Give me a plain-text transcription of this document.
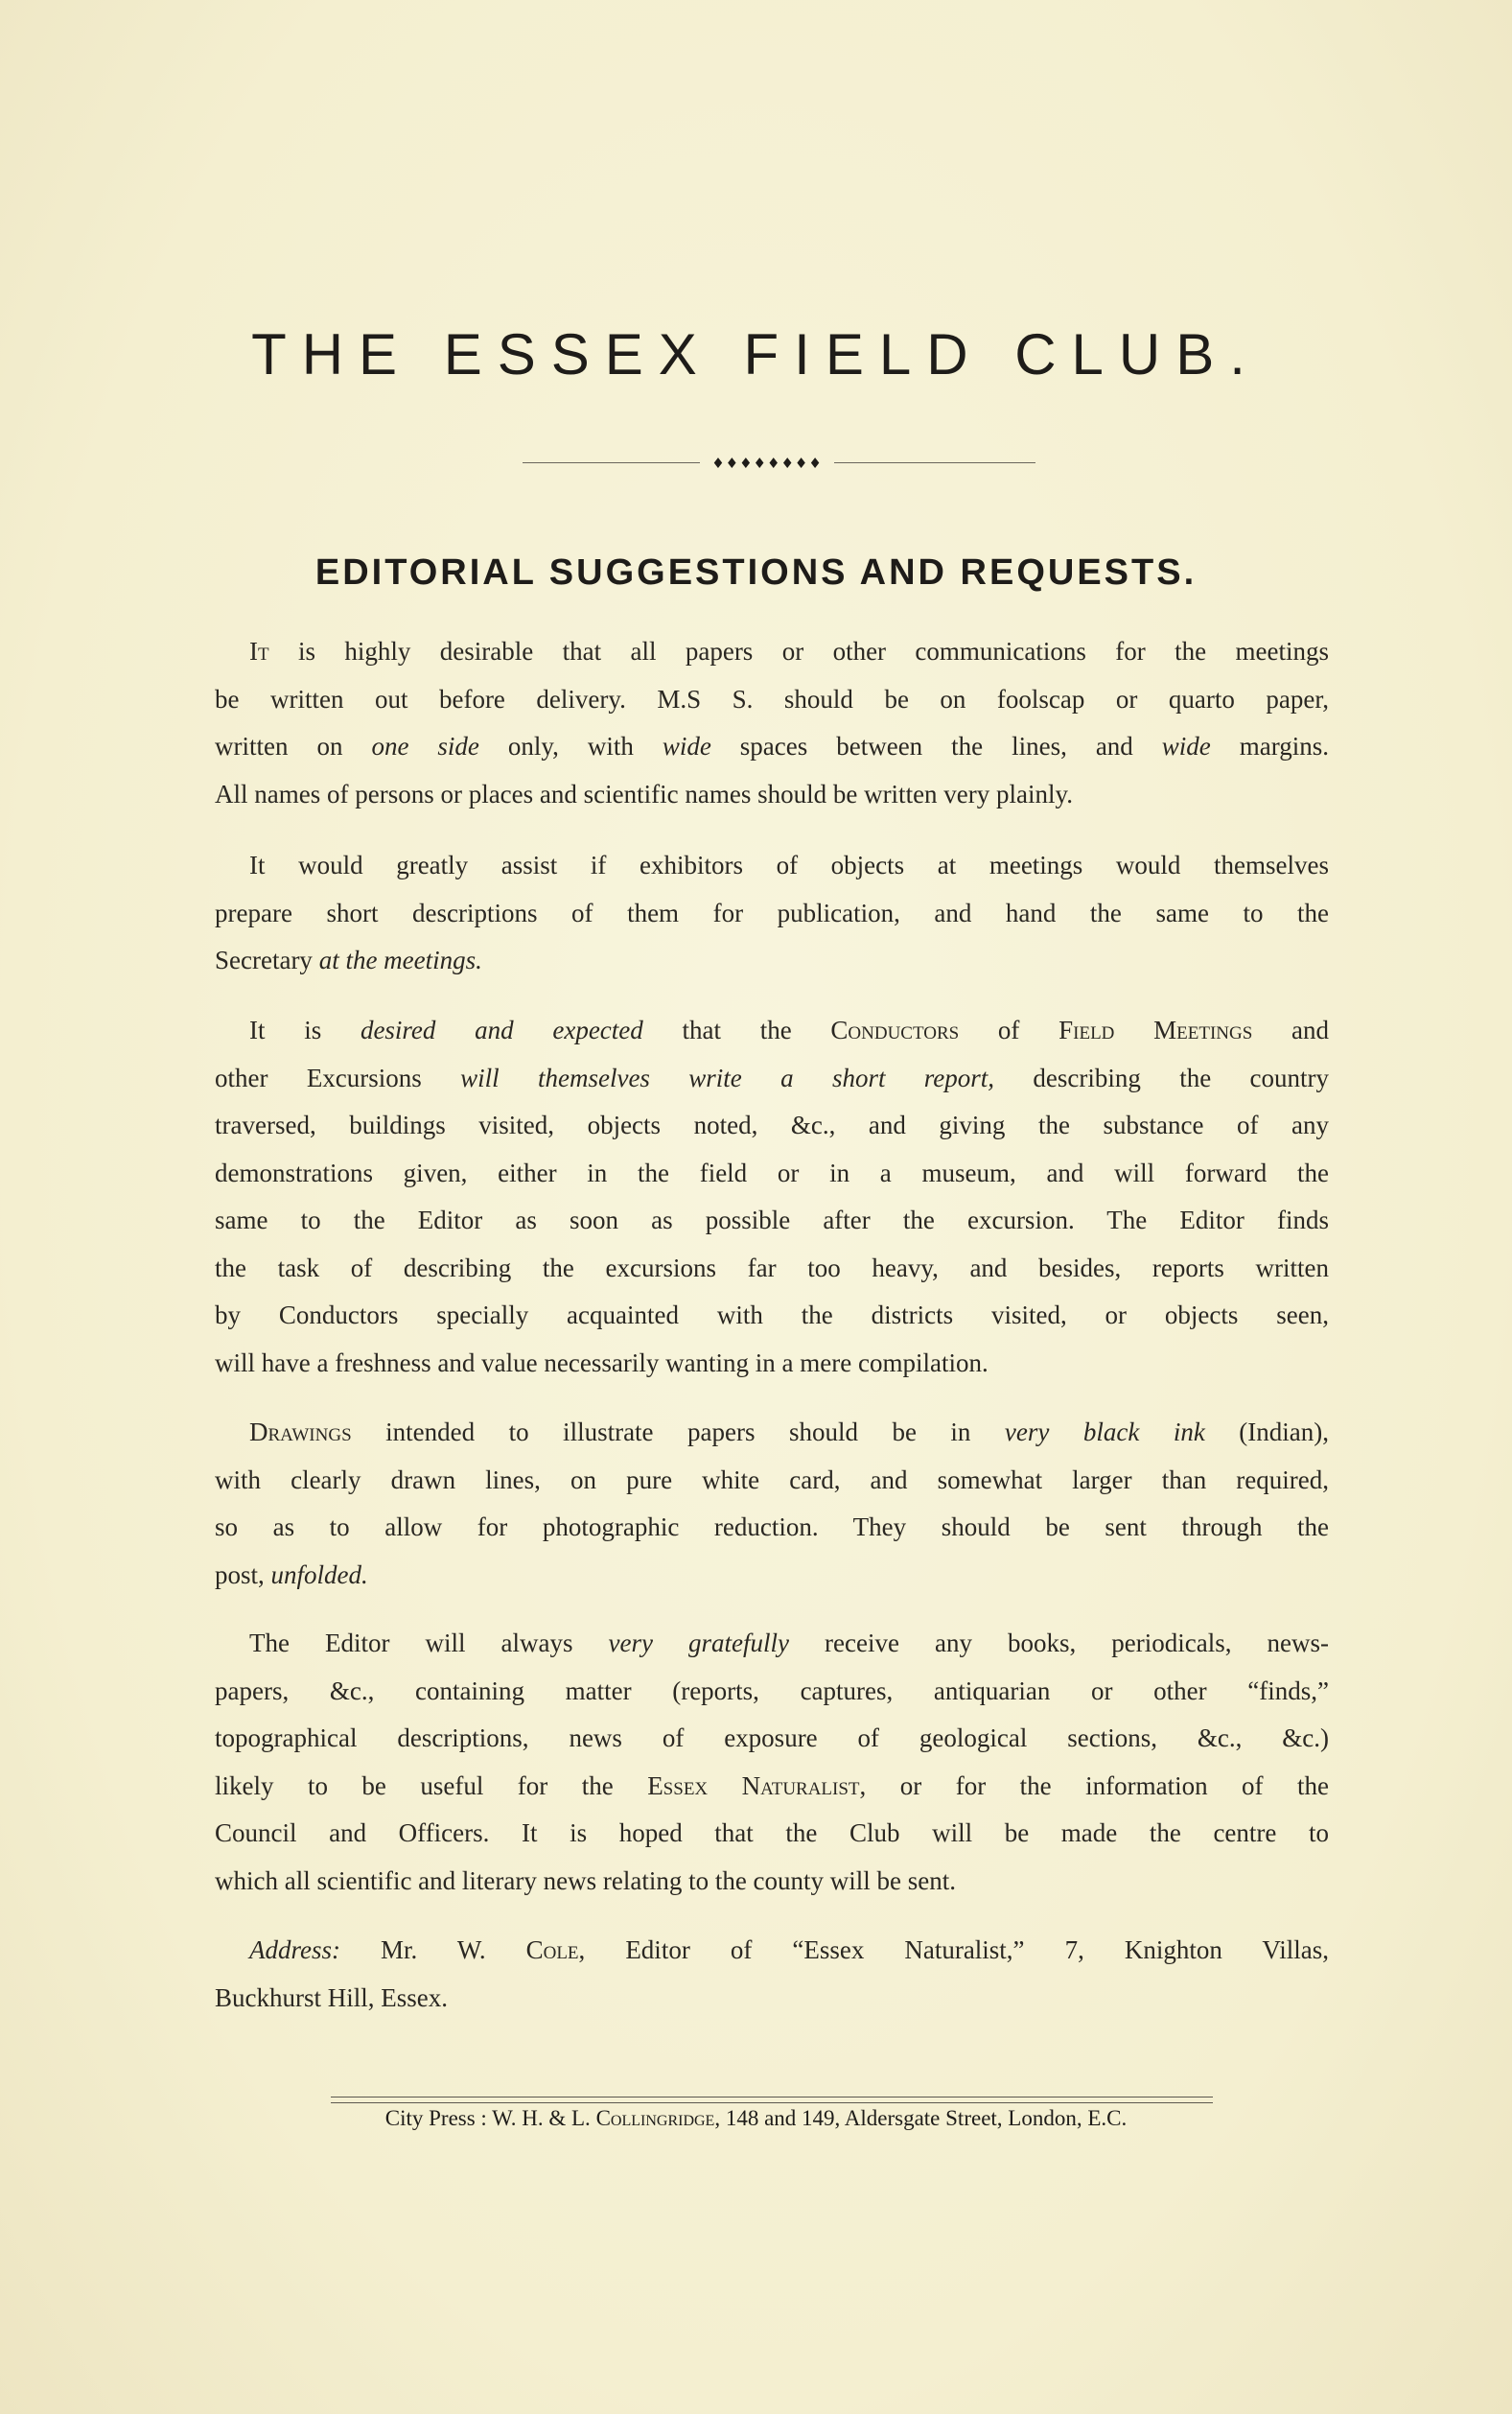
THE ESSEX FIELD CLUB.
♦♦♦♦♦♦♦♦
EDITORIAL SUGGESTIONS AND REQUESTS.

It is highly desirable that all papers or other communications for the meetings
be written out before delivery. M.S S. should be on foolscap or quarto paper,
written on one side only, with wide spaces between the lines, and wide margins.
All names of persons or places and scientific names should be written very plainly.

It would greatly assist if exhibitors of objects at meetings would themselves
prepare short descriptions of them for publication, and hand the same to the
Secretary at the meetings.

It is desired and expected that the Conductors of Field Meetings and
other Excursions will themselves write a short report, describing the country
traversed, buildings visited, objects noted, &c., and giving the substance of any
demonstrations given, either in the field or in a museum, and will forward the
same to the Editor as soon as possible after the excursion. The Editor finds
the task of describing the excursions far too heavy, and besides, reports written
by Conductors specially acquainted with the districts visited, or objects seen,
will have a freshness and value necessarily wanting in a mere compilation.

Drawings intended to illustrate papers should be in very black ink (Indian),
with clearly drawn lines, on pure white card, and somewhat larger than required,
so as to allow for photographic reduction. They should be sent through the
post, unfolded.

The Editor will always very gratefully receive any books, periodicals, news-
papers, &c., containing matter (reports, captures, antiquarian or other “finds,”
topographical descriptions, news of exposure of geological sections, &c., &c.)
likely to be useful for the Essex Naturalist, or for the information of the
Council and Officers. It is hoped that the Club will be made the centre to
which all scientific and literary news relating to the county will be sent.

Address: Mr. W. Cole, Editor of “Essex Naturalist,” 7, Knighton Villas,
Buckhurst Hill, Essex.

City Press : W. H. & L. Collingridge, 148 and 149, Aldersgate Street, London, E.C.
